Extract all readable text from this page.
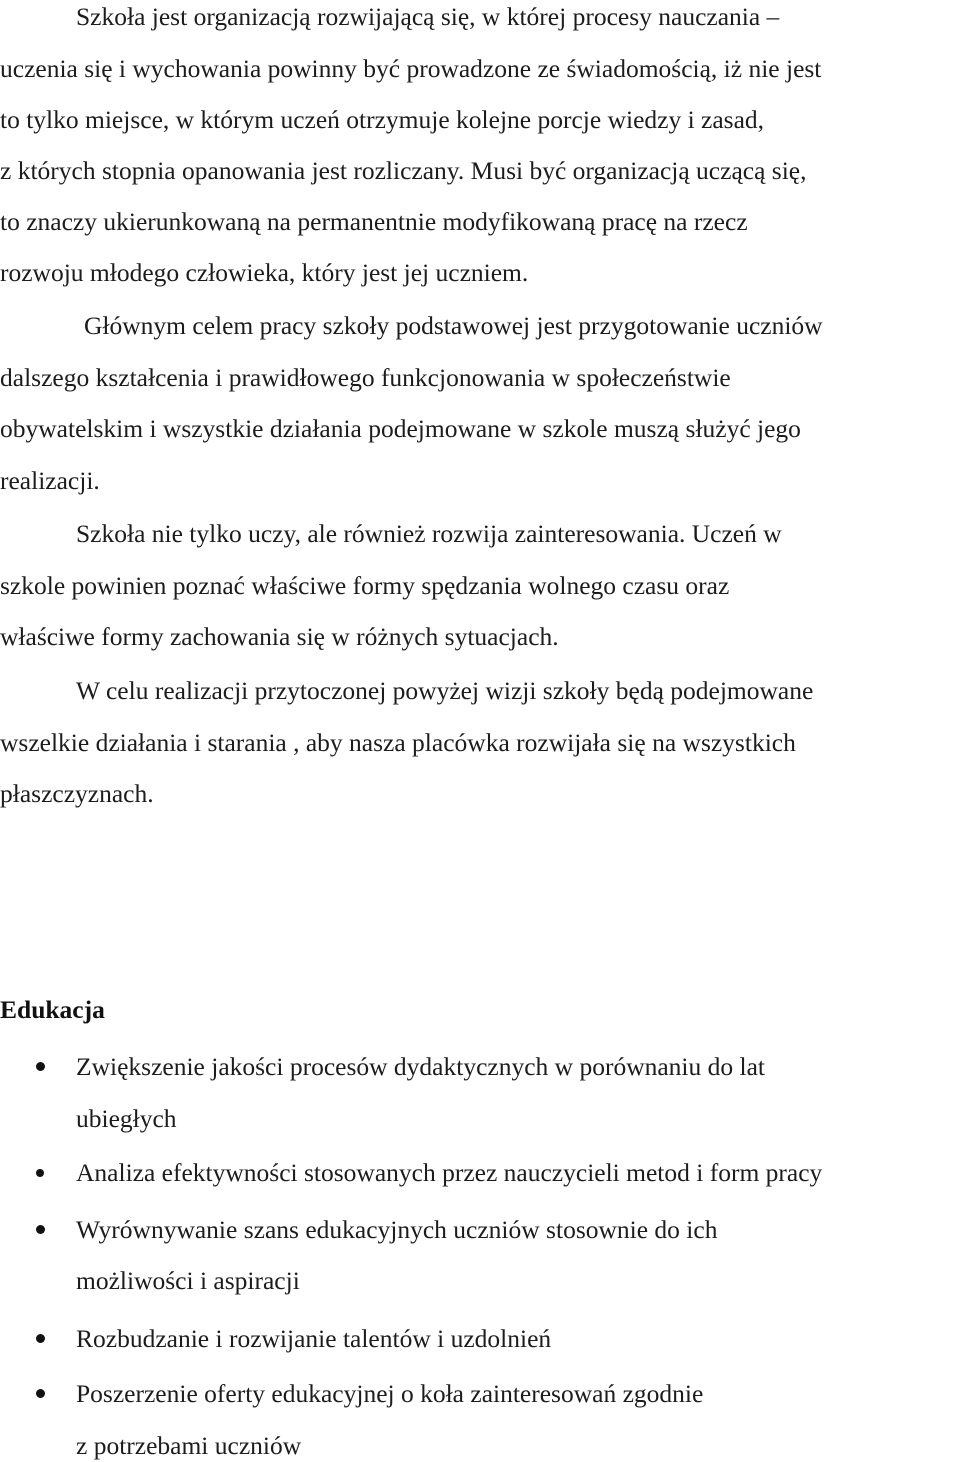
Szkoła jest organizacją rozwijającą się, w której procesy nauczania –
uczenia się i wychowania powinny być prowadzone ze świadomością, iż nie jest
to tylko miejsce, w którym uczeń otrzymuje kolejne porcje wiedzy i zasad,
z których stopnia opanowania jest rozliczany. Musi być organizacją uczącą się,
to znaczy ukierunkowaną na permanentnie modyfikowaną pracę na rzecz
rozwoju młodego człowieka, który jest jej uczniem.
Głównym celem pracy szkoły podstawowej jest przygotowanie uczniów
dalszego kształcenia i prawidłowego funkcjonowania w społeczeństwie
obywatelskim i wszystkie działania podejmowane w szkole muszą służyć jego
realizacji.
Szkoła nie tylko uczy, ale również rozwija zainteresowania. Uczeń w
szkole powinien poznać właściwe formy spędzania wolnego czasu oraz
właściwe formy zachowania się w różnych sytuacjach.
W celu realizacji przytoczonej powyżej wizji szkoły będą podejmowane
wszelkie działania i starania , aby nasza placówka rozwijała się na wszystkich
płaszczyznach.
Edukacja
Zwiększenie jakości procesów dydaktycznych w porównaniu do lat
ubiegłych
Analiza efektywności stosowanych przez nauczycieli metod i form pracy
Wyrównywanie szans edukacyjnych uczniów stosownie do ich
możliwości i aspiracji
Rozbudzanie i rozwijanie talentów i uzdolnień
Poszerzenie oferty edukacyjnej o koła zainteresowań zgodnie
z potrzebami uczniów
